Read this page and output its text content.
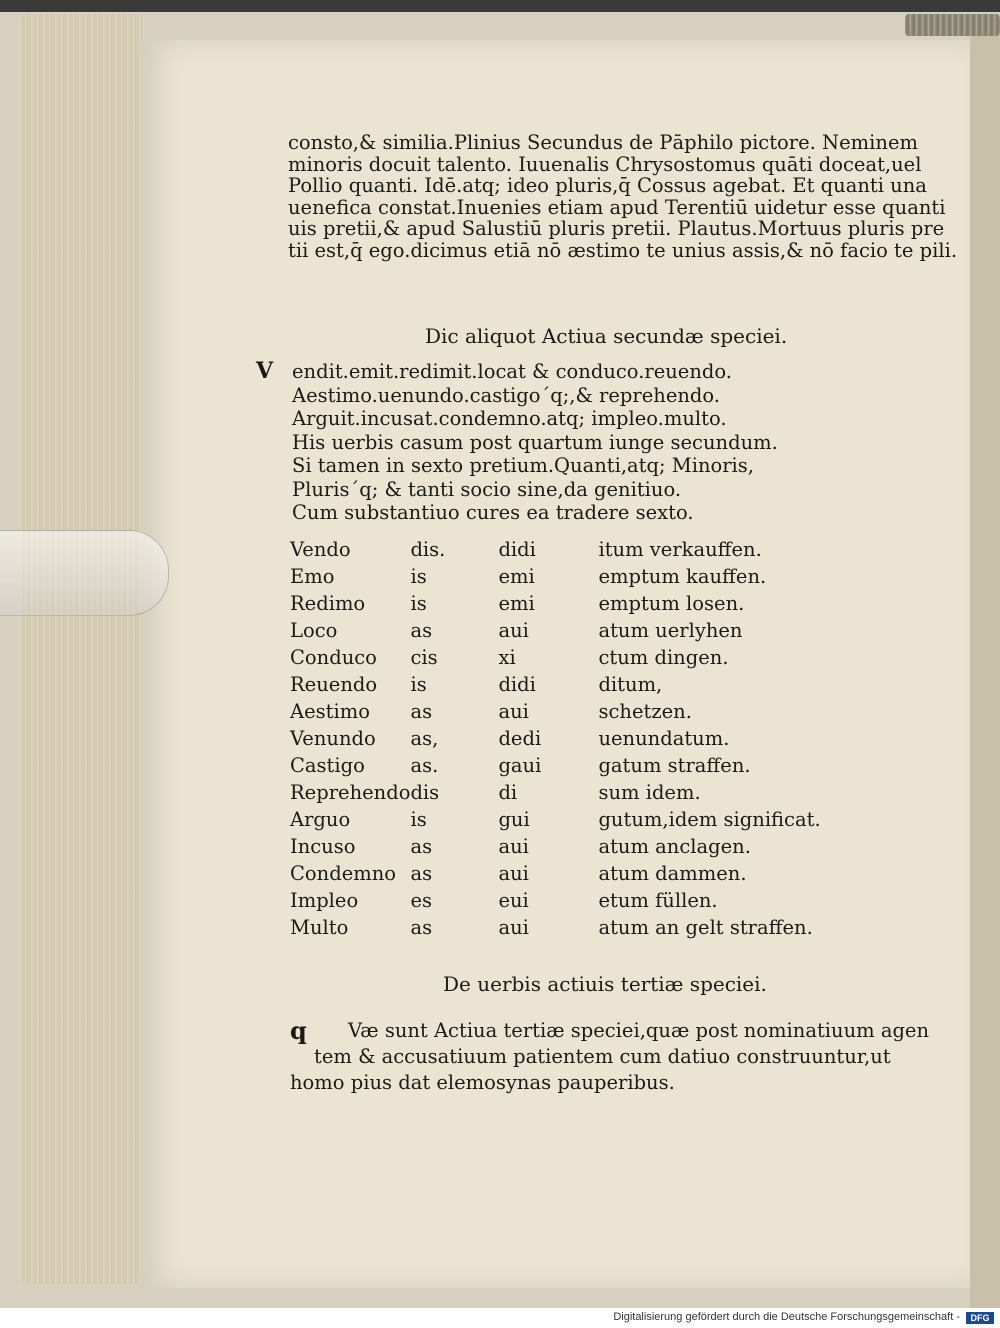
consto,& similia.Plinius Secundus de Pāphilo pictore. Neminem
minoris docuit talento. Iuuenalis Chrysostomus quāti doceat,uel
Pollio quanti. Idē.atq; ideo pluris,q̄ Cossus agebat. Et quanti una
uenefica constat.Inuenies etiam apud Terentiū uidetur esse quanti
uis pretii,& apud Salustiū pluris pretii. Plautus.Mortuus pluris pre
tii est,q̄ ego.dicimus etiā nō æstimo te unius assis,& nō facio te pili.
Dic aliquot Actiua secundæ speciei.
V endit.emit.redimit.locat & conduco.reuendo.
Aestimo.uenundo.castigo´q;,& reprehendo.
Arguit.incusat.condemno.atq; impleo.multo.
His uerbis casum post quartum iunge secundum.
Si tamen in sexto pretium.Quanti,atq; Minoris,
Pluris´q; & tanti socio sine,da genitiuo.
Cum substantiuo cures ea tradere sexto.
Vendo	dis.	didi	itum verkauffen.
Emo	is	emi	emptum kauffen.
Redimo	is	emi	emptum losen.
Loco	as	aui	atum uerlyhen
Conduco	cis	xi	ctum dingen.
Reuendo	is	didi	ditum,
Aestimo	as	aui	schetzen.
Venundo	as,	dedi	uenundatum.
Castigo	as.	gaui	gatum straffen.
Reprehendo	dis	di	sum idem.
Arguo	is	gui	gutum,idem significat.
Incuso	as	aui	atum anclagen.
Condemno	as	aui	atum dammen.
Impleo	es	eui	etum füllen.
Multo	as	aui	atum an gelt straffen.
De uerbis actiuis tertiæ speciei.
q	Væ sunt Actiua tertiæ speciei,quæ post nominatiuum agen
tem & accusatiuum patientem cum datiuo construuntur,ut
homo pius dat elemosynas pauperibus.
Digitalisierung gefördert durch die Deutsche Forschungsgemeinschaft -	DFG
